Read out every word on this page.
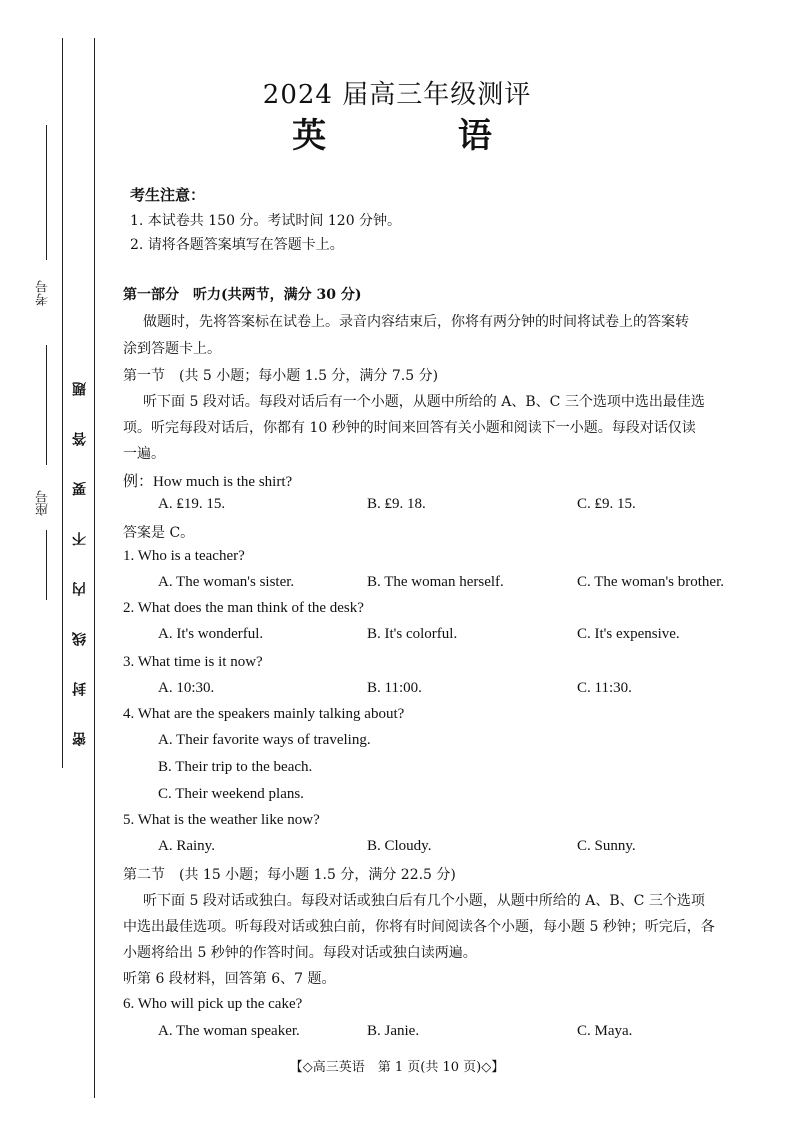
考号
座号
密
封
线
内
不
要
答
题
2024 届高三年级测评
英 语
考生注意：
1. 本试卷共 150 分。考试时间 120 分钟。
2. 请将各题答案填写在答题卡上。
第一部分　听力(共两节，满分 30 分)
做题时，先将答案标在试卷上。录音内容结束后，你将有两分钟的时间将试卷上的答案转
涂到答题卡上。
第一节　(共 5 小题；每小题 1.5 分，满分 7.5 分)
听下面 5 段对话。每段对话后有一个小题，从题中所给的 A、B、C 三个选项中选出最佳选
项。听完每段对话后，你都有 10 秒钟的时间来回答有关小题和阅读下一小题。每段对话仅读
一遍。
例：How much is the shirt?
A. ₤19. 15.	B. ₤9. 18.	C. ₤9. 15.
答案是 C。
1. Who is a teacher?
A. The woman's sister.	B. The woman herself.	C. The woman's brother.
2. What does the man think of the desk?
A. It's wonderful.	B. It's colorful.	C. It's expensive.
3. What time is it now?
A. 10:30.	B. 11:00.	C. 11:30.
4. What are the speakers mainly talking about?
A. Their favorite ways of traveling.
B. Their trip to the beach.
C. Their weekend plans.
5. What is the weather like now?
A. Rainy.	B. Cloudy.	C. Sunny.
第二节　(共 15 小题；每小题 1.5 分，满分 22.5 分)
听下面 5 段对话或独白。每段对话或独白后有几个小题，从题中所给的 A、B、C 三个选项
中选出最佳选项。听每段对话或独白前，你将有时间阅读各个小题，每小题 5 秒钟；听完后，各
小题将给出 5 秒钟的作答时间。每段对话或独白读两遍。
听第 6 段材料，回答第 6、7 题。
6. Who will pick up the cake?
A. The woman speaker.	B. Janie.	C. Maya.
【◇高三英语　第 1 页(共 10 页)◇】
